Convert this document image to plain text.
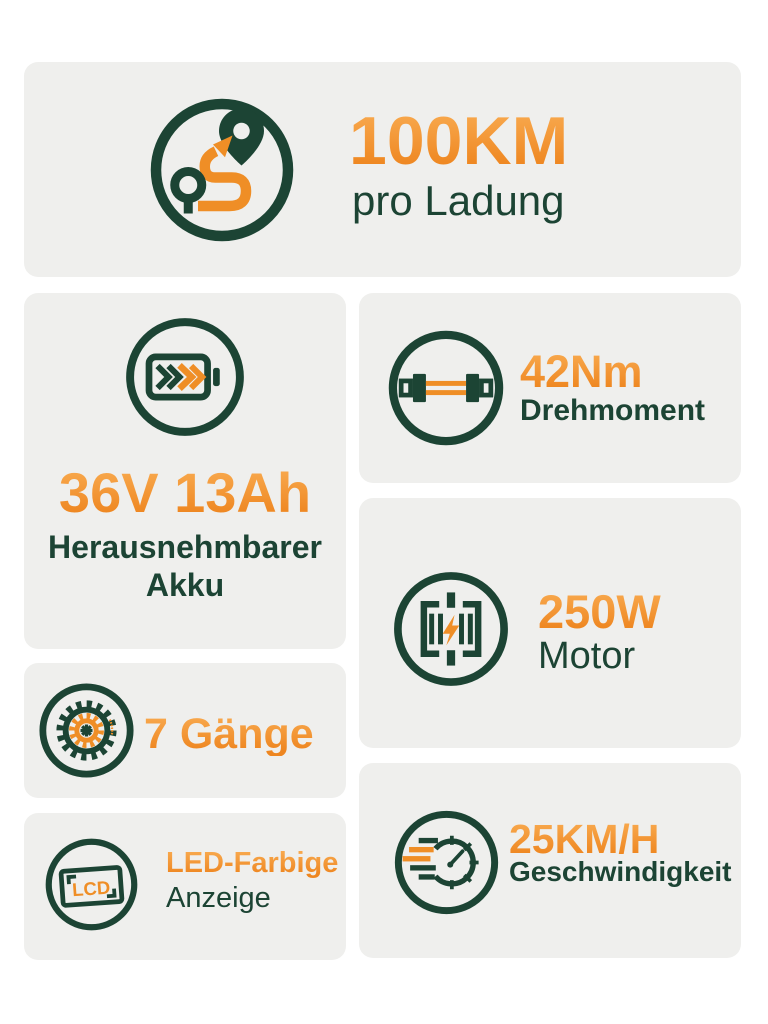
100KM
pro Ladung
36V 13Ah
Herausnehmbarer
Akku
42Nm
Drehmoment
250W
Motor
7 Gänge
LCD
LED-Farbige
Anzeige
25KM/H
Geschwindigkeit
